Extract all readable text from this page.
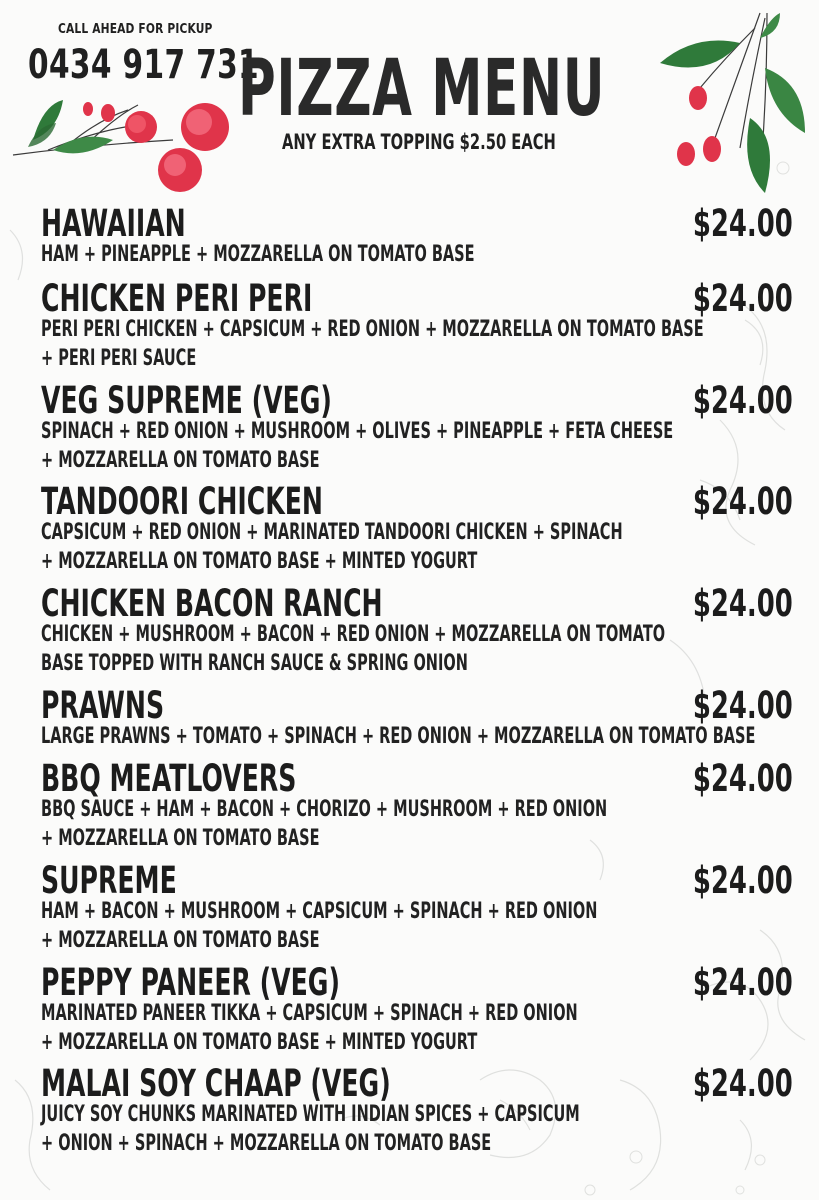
CALL AHEAD FOR PICKUP
0434 917 731
PIZZA MENU
ANY EXTRA TOPPING $2.50 EACH
HAWAIIAN	$24.00
HAM + PINEAPPLE + MOZZARELLA ON TOMATO BASE
CHICKEN PERI PERI	$24.00
PERI PERI CHICKEN + CAPSICUM + RED ONION + MOZZARELLA ON TOMATO BASE
+ PERI PERI SAUCE
VEG SUPREME (VEG)	$24.00
SPINACH + RED ONION + MUSHROOM + OLIVES + PINEAPPLE + FETA CHEESE
+ MOZZARELLA ON TOMATO BASE
TANDOORI CHICKEN	$24.00
CAPSICUM + RED ONION + MARINATED TANDOORI CHICKEN + SPINACH
+ MOZZARELLA ON TOMATO BASE + MINTED YOGURT
CHICKEN BACON RANCH	$24.00
CHICKEN + MUSHROOM + BACON + RED ONION + MOZZARELLA ON TOMATO
BASE TOPPED WITH RANCH SAUCE & SPRING ONION
PRAWNS	$24.00
LARGE PRAWNS + TOMATO + SPINACH + RED ONION + MOZZARELLA ON TOMATO BASE
BBQ MEATLOVERS	$24.00
BBQ SAUCE + HAM + BACON + CHORIZO + MUSHROOM + RED ONION
+ MOZZARELLA ON TOMATO BASE
SUPREME	$24.00
HAM + BACON + MUSHROOM + CAPSICUM + SPINACH + RED ONION
+ MOZZARELLA ON TOMATO BASE
PEPPY PANEER (VEG)	$24.00
MARINATED PANEER TIKKA + CAPSICUM + SPINACH + RED ONION
+ MOZZARELLA ON TOMATO BASE + MINTED YOGURT
MALAI SOY CHAAP (VEG)	$24.00
JUICY SOY CHUNKS MARINATED WITH INDIAN SPICES + CAPSICUM
+ ONION + SPINACH + MOZZARELLA ON TOMATO BASE
